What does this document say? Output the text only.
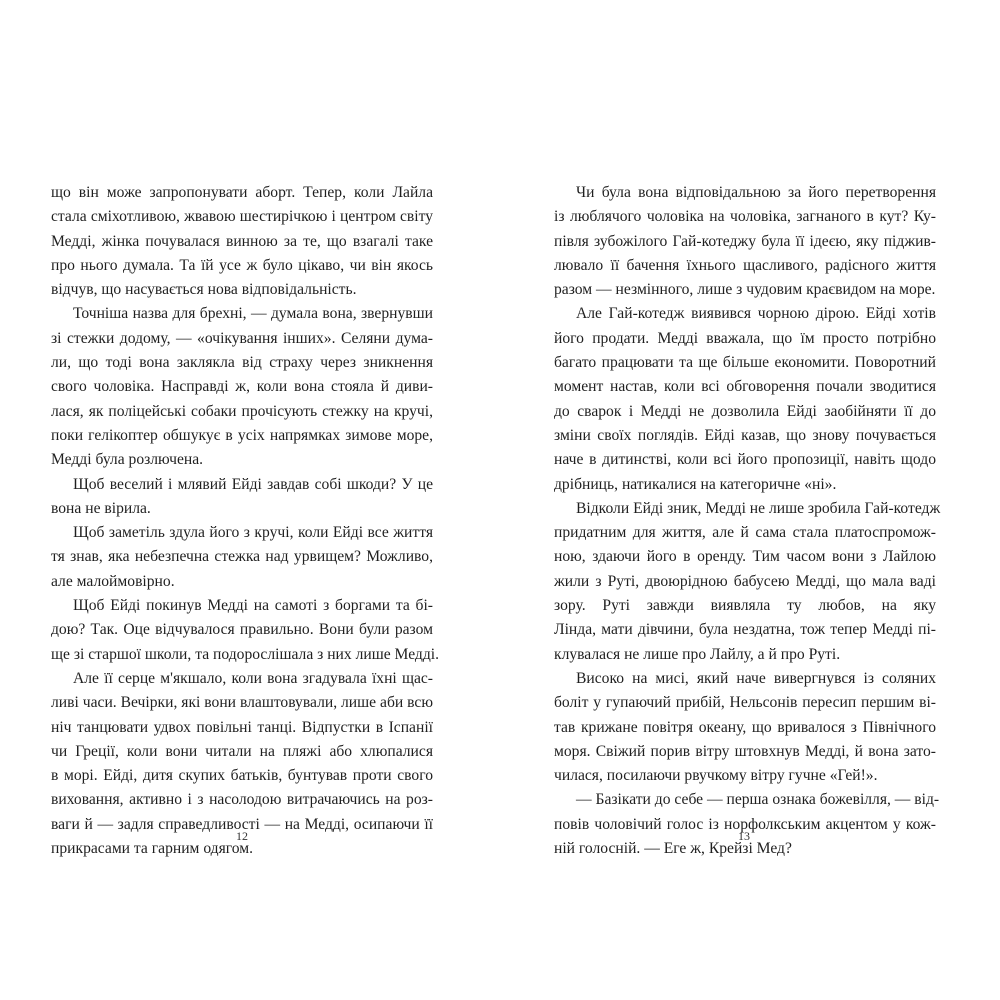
що він може запропонувати аборт. Тепер, коли Лайла
стала сміхотливою, жвавою шестирічкою і центром світу
Медді, жінка почувалася винною за те, що взагалі таке
про нього думала. Та їй усе ж було цікаво, чи він якось
відчув, що насувається нова відповідальність.
Точніша назва для брехні, — думала вона, звернувши
зі стежки додому, — «очікування інших». Селяни дума-
ли, що тоді вона заклякла від страху через зникнення
свого чоловіка. Насправді ж, коли вона стояла й диви-
лася, як поліцейські собаки прочісують стежку на кручі,
поки гелікоптер обшукує в усіх напрямках зимове море,
Медді була розлючена.
Щоб веселий і млявий Ейді завдав собі шкоди? У це
вона не вірила.
Щоб заметіль здула його з кручі, коли Ейді все життя
тя знав, яка небезпечна стежка над урвищем? Можливо,
але малоймовірно.
Щоб Ейді покинув Медді на самоті з боргами та бі-
дою? Так. Оце відчувалося правильно. Вони були разом
ще зі старшої школи, та подорослішала з них лише Медді.
Але її серце м'якшало, коли вона згадувала їхні щас-
ливі часи. Вечірки, які вони влаштовували, лише аби всю
ніч танцювати удвох повільні танці. Відпустки в Іспанії
чи Греції, коли вони читали на пляжі або хлюпалися
в морі. Ейді, дитя скупих батьків, бунтував проти свого
виховання, активно і з насолодою витрачаючись на роз-
ваги й — задля справедливості — на Медді, осипаючи її
прикрасами та гарним одягом.
12
Чи була вона відповідальною за його перетворення
із люблячого чоловіка на чоловіка, загнаного в кут? Ку-
півля зубожілого Гай-котеджу була її ідеєю, яку піджив-
лювало її бачення їхнього щасливого, радісного життя
разом — незмінного, лише з чудовим краєвидом на море.
Але Гай-котедж виявився чорною дірою. Ейді хотів
його продати. Медді вважала, що їм просто потрібно
багато працювати та ще більше економити. Поворотний
момент настав, коли всі обговорення почали зводитися
до сварок і Медді не дозволила Ейді заобійняти її до
зміни своїх поглядів. Ейді казав, що знову почувається
наче в дитинстві, коли всі його пропозиції, навіть щодо
дрібниць, натикалися на категоричне «ні».
Відколи Ейді зник, Медді не лише зробила Гай-котедж
придатним для життя, але й сама стала платоспромож-
ною, здаючи його в оренду. Тим часом вони з Лайлою
жили з Руті, двоюрідною бабусею Медді, що мала ваді
зору. Руті завжди виявляла ту любов, на яку
Лінда, мати дівчини, була нездатна, тож тепер Медді пі-
клувалася не лише про Лайлу, а й про Руті.
Високо на мисі, який наче вивергнувся із соляних
боліт у гупаючий прибій, Нельсонів пересип першим ві-
тав крижане повітря океану, що вривалося з Північного
моря. Свіжий порив вітру штовхнув Медді, й вона зато-
чилася, посилаючи рвучкому вітру гучне «Гей!».
— Базікати до себе — перша ознака божевілля, — від-
повів чоловічий голос із норфолкським акцентом у кож-
ній голосній. — Еге ж, Крейзі Мед?
13
